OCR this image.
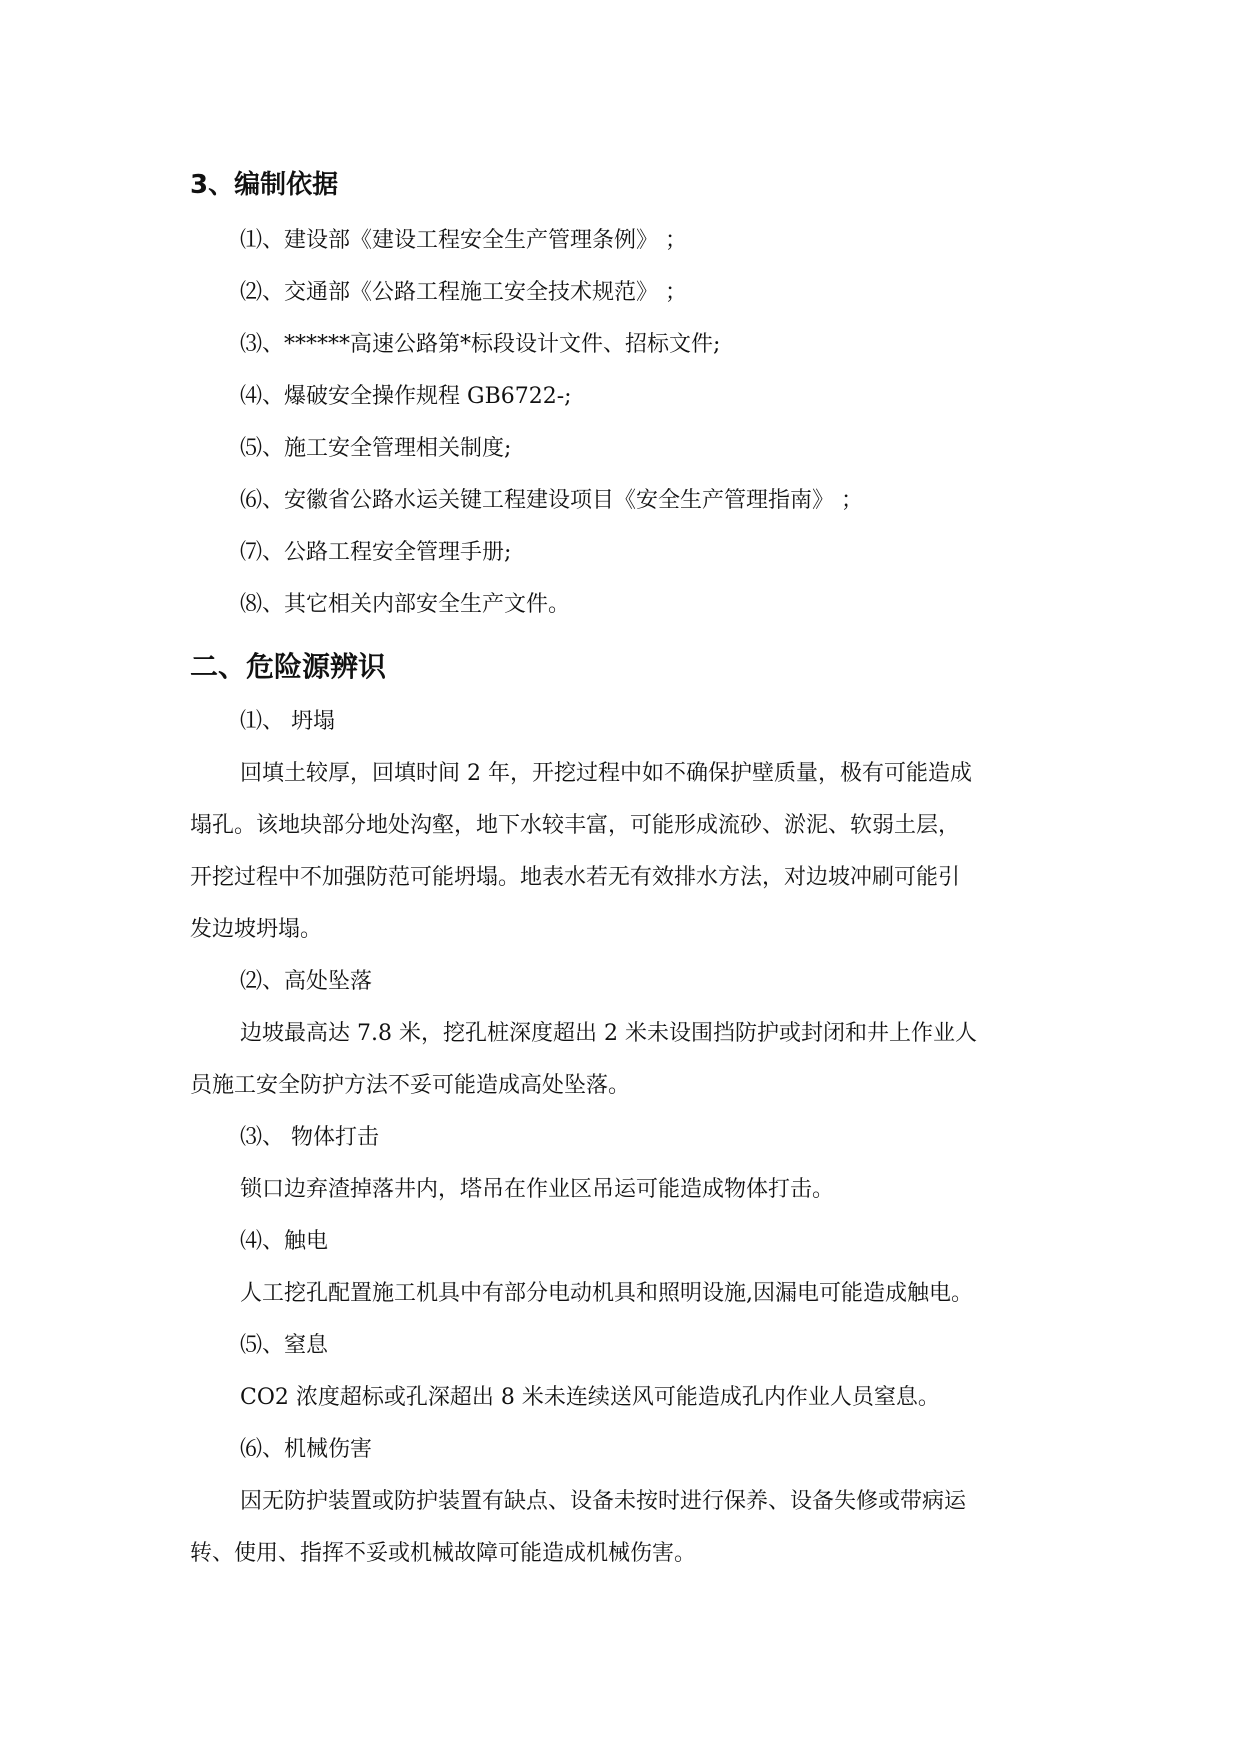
3、编制依据

⑴、建设部《建设工程安全生产管理条例》 ；

⑵、交通部《公路工程施工安全技术规范》 ；

⑶、******高速公路第*标段设计文件、招标文件;

⑷、爆破安全操作规程 GB6722-;

⑸、施工安全管理相关制度;

⑹、安徽省公路水运关键工程建设项目《安全生产管理指南》 ；

⑺、公路工程安全管理手册;

⑻、其它相关内部安全生产文件。

二、危险源辨识

⑴、 坍塌

回填土较厚，回填时间 2 年，开挖过程中如不确保护壁质量，极有可能造成

塌孔。该地块部分地处沟壑，地下水较丰富，可能形成流砂、淤泥、软弱土层，

开挖过程中不加强防范可能坍塌。地表水若无有效排水方法，对边坡冲刷可能引

发边坡坍塌。

⑵、高处坠落

边坡最高达 7.8 米，挖孔桩深度超出 2 米未设围挡防护或封闭和井上作业人

员施工安全防护方法不妥可能造成高处坠落。

⑶、 物体打击

锁口边弃渣掉落井内，塔吊在作业区吊运可能造成物体打击。

⑷、触电

人工挖孔配置施工机具中有部分电动机具和照明设施,因漏电可能造成触电。

⑸、窒息

CO2 浓度超标或孔深超出 8 米未连续送风可能造成孔内作业人员窒息。

⑹、机械伤害

因无防护装置或防护装置有缺点、设备未按时进行保养、设备失修或带病运

转、使用、指挥不妥或机械故障可能造成机械伤害。
